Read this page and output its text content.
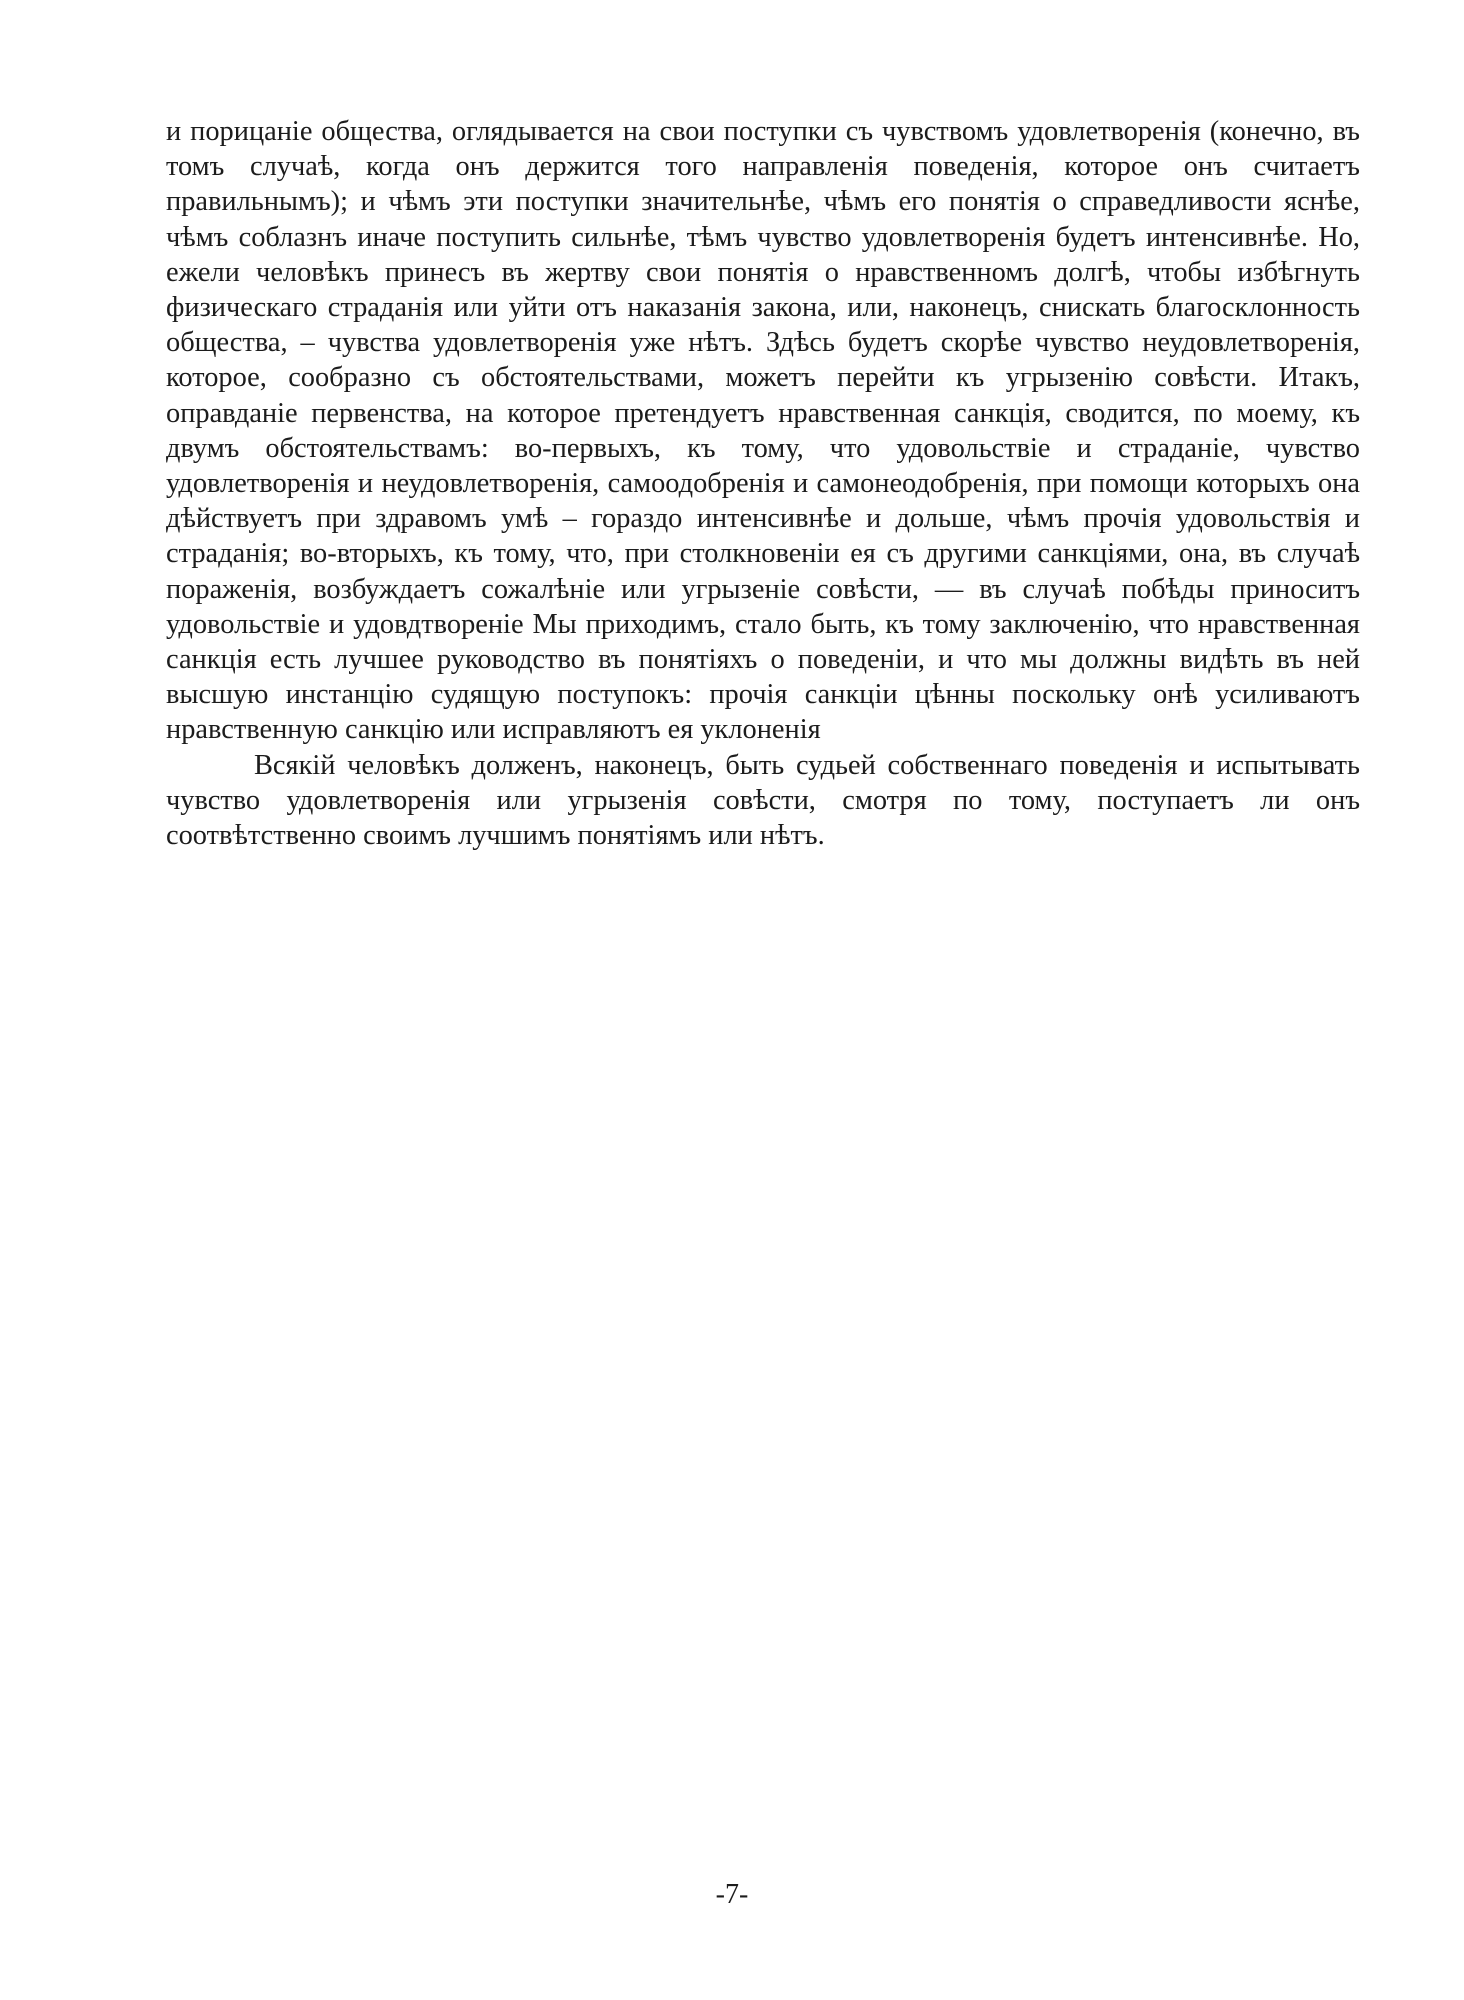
и порицаніе общества, оглядывается на свои поступки съ чувствомъ удовлетворенія (конечно, въ томъ случаѣ, когда онъ держится того направленія поведенія, которое онъ считаетъ правильнымъ); и чѣмъ эти поступки значительнѣе, чѣмъ его понятія о справедливости яснѣе, чѣмъ соблазнъ иначе поступить сильнѣе, тѣмъ чувство удовлетворенія будетъ интенсивнѣе. Но, ежели человѣкъ принесъ въ жертву свои понятія о нравственномъ долгѣ, чтобы избѣгнуть физическаго страданія или уйти отъ наказанія закона, или, наконецъ, снискать благосклонность общества, – чувства удовлетворенія уже нѣтъ. Здѣсь будетъ скорѣе чувство неудовлетворенія, которое, сообразно съ обстоятельствами, можетъ перейти къ угрызенію совѣсти. Итакъ, оправданіе первенства, на которое претендуетъ нравственная санкція, сводится, по моему, къ двумъ обстоятельствамъ: во-первыхъ, къ тому, что удовольствіе и страданіе, чувство удовлетворенія и неудовлетворенія, самоодобренія и самонеодобренія, при помощи которыхъ она дѣйствуетъ при здравомъ умѣ – гораздо интенсивнѣе и дольше, чѣмъ прочія удовольствія и страданія; во-вторыхъ, къ тому, что, при столкновеніи ея съ другими санкціями, она, въ случаѣ пораженія, возбуждаетъ сожалѣніе или угрызеніе совѣсти, — въ случаѣ побѣды приноситъ удовольствіе и удовдтвореніе Мы приходимъ, стало быть, къ тому заключенію, что нравственная санкція есть лучшее руководство въ понятіяхъ о поведеніи, и что мы должны видѣть въ ней высшую инстанцію судящую поступокъ: прочія санкціи цѣнны поскольку онѣ усиливаютъ нравственную санкцію или исправляютъ ея уклоненія

Всякій человѣкъ долженъ, наконецъ, быть судьей собственнаго поведенія и испытывать чувство удовлетворенія или угрызенія совѣсти, смотря по тому, поступаетъ ли онъ соотвѣтственно своимъ лучшимъ понятіямъ или нѣтъ.

-7-
